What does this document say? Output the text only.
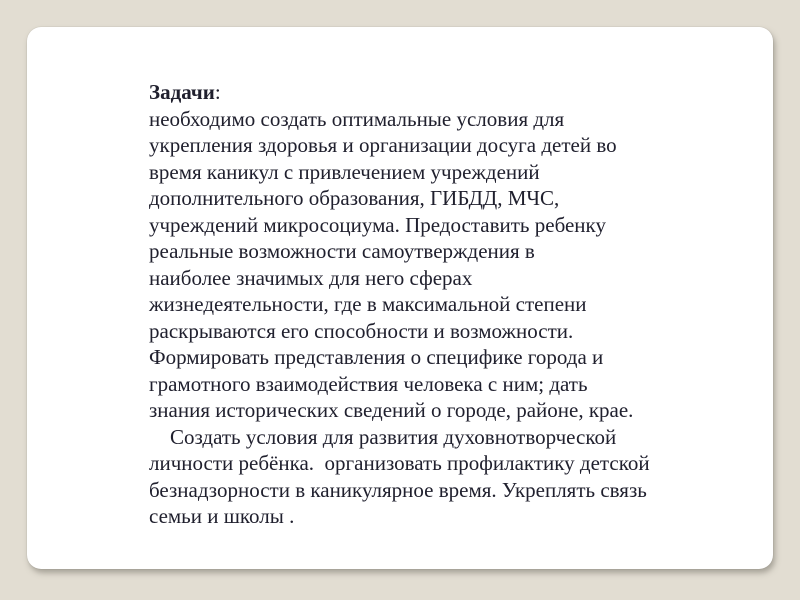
Задачи:
необходимо создать оптимальные условия для
укрепления здоровья и организации досуга детей во
время каникул с привлечением учреждений
дополнительного образования, ГИБДД, МЧС,
учреждений микросоциума. Предоставить ребенку
реальные возможности самоутверждения в
наиболее значимых для него сферах
жизнедеятельности, где в максимальной степени
раскрываются его способности и возможности.
Формировать представления о специфике города и
грамотного взаимодействия человека с ним; дать
знания исторических сведений о городе, районе, крае.
Создать условия для развития духовнотворческой
личности ребёнка.  организовать профилактику детской
безнадзорности в каникулярное время. Укреплять связь
семьи и школы .
